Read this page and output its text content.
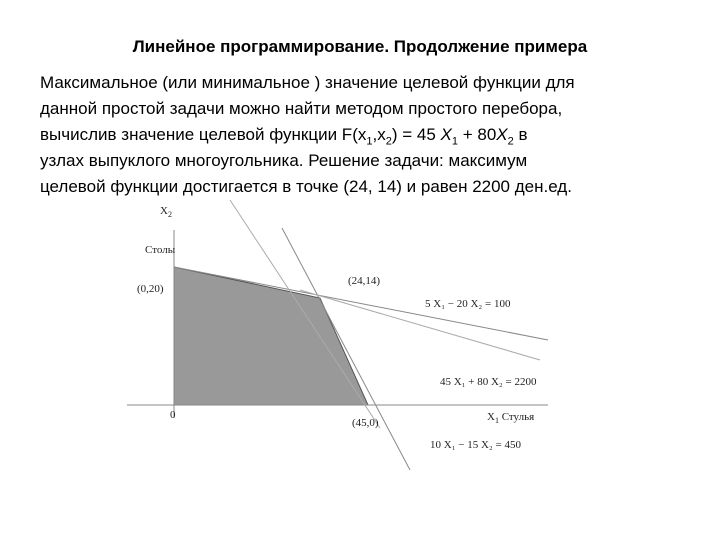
Линейное программирование. Продолжение примера
Максимальное (или минимальное ) значение целевой функции для
данной простой задачи можно найти методом простого перебора,
вычислив значение целевой функции $F(x_1,x_2) = 45$ $X_1 + 80X_2$ в
узлах выпуклого многоугольника. Решение задачи: максимум
целевой функции достигается в точке (24, 14) и равен 2200 ден.ед.
$X_2$
Столы
(0,20)
(24,14)
5 X₁ − 20 X₂ = 100
45 X₁ + 80 X₂ = 2200
0
(45,0)	$X_1$ Стулья
10 X₁ − 15 X₂ = 450
